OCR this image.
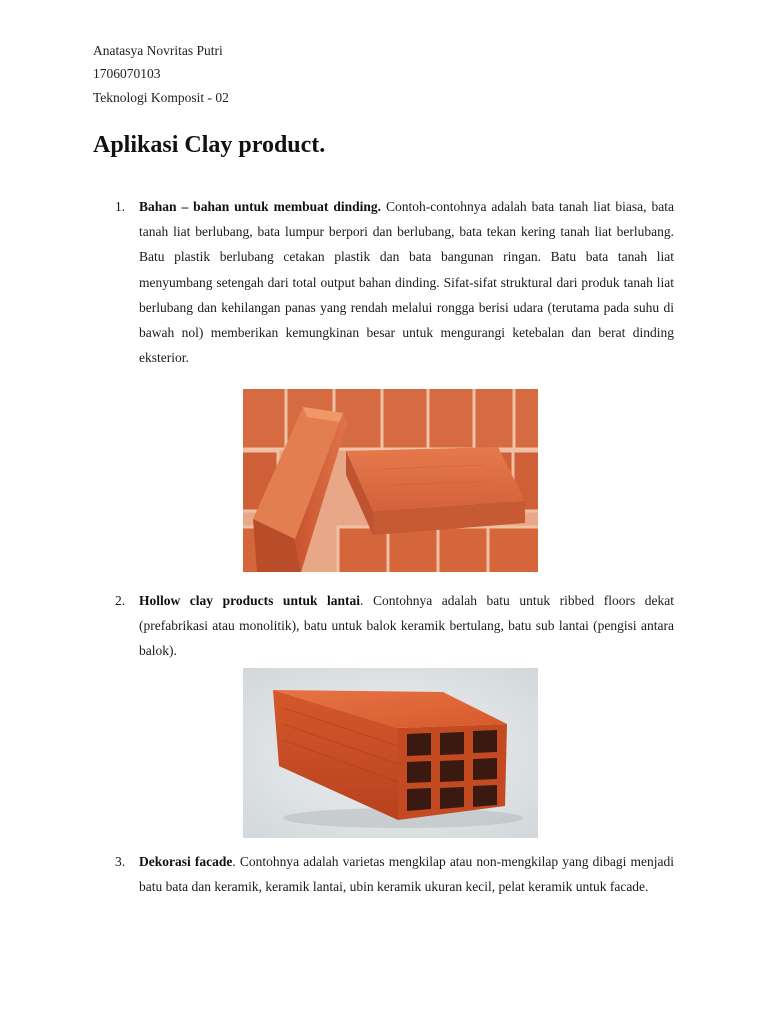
Anatasya Novritas Putri
1706070103
Teknologi Komposit - 02
Aplikasi Clay product.
1. Bahan – bahan untuk membuat dinding. Contoh-contohnya adalah bata tanah liat biasa, bata tanah liat berlubang, bata lumpur berpori dan berlubang, bata tekan kering tanah liat berlubang. Batu plastik berlubang cetakan plastik dan bata bangunan ringan. Batu bata tanah liat menyumbang setengah dari total output bahan dinding. Sifat-sifat struktural dari produk tanah liat berlubang dan kehilangan panas yang rendah melalui rongga berisi udara (terutama pada suhu di bawah nol) memberikan kemungkinan besar untuk mengurangi ketebalan dan berat dinding eksterior.
2. Hollow clay products untuk lantai. Contohnya adalah batu untuk ribbed floors dekat (prefabrikasi atau monolitik), batu untuk balok keramik bertulang, batu sub lantai (pengisi antara balok).
3. Dekorasi facade. Contohnya adalah varietas mengkilap atau non-mengkilap yang dibagi menjadi batu bata dan keramik, keramik lantai, ubin keramik ukuran kecil, pelat keramik untuk facade.
